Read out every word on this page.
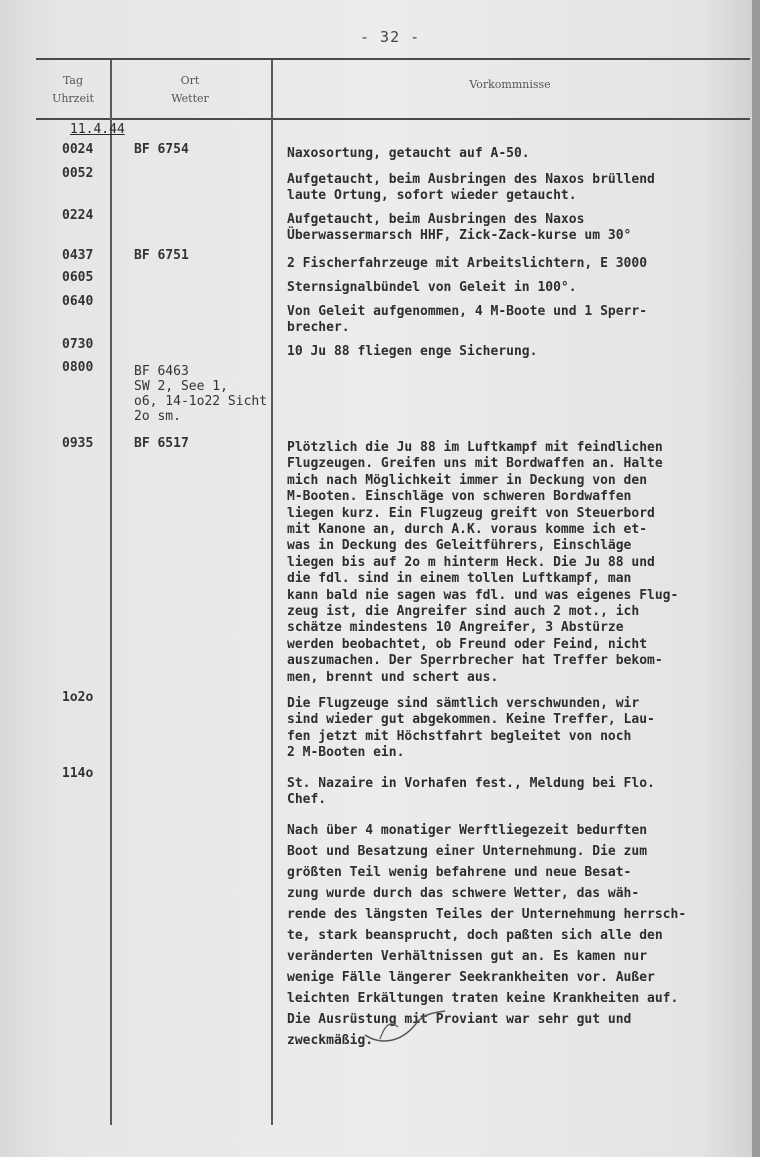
- 32 -
Tag
Uhrzeit
Ort
Wetter
Vorkommnisse
11.4.44
0024
0052
0224
0437
0605
0640
0730
0800
0935
1o2o
114o
BF 6754
BF 6751
BF 6463
SW 2, See 1,
o6, 14-1o22 Sicht
2o sm.
BF 6517
Naxosortung, getaucht auf A-50.
Aufgetaucht, beim Ausbringen des Naxos brüllend
laute Ortung, sofort wieder getaucht.
Aufgetaucht, beim Ausbringen des Naxos
Überwassermarsch HHF, Zick-Zack-kurse um 30°
2 Fischerfahrzeuge mit Arbeitslichtern, E 3000
Sternsignalbündel von Geleit in 100°.
Von Geleit aufgenommen, 4 M-Boote und 1 Sperr-
brecher.
10 Ju 88 fliegen enge Sicherung.
Plötzlich die Ju 88 im Luftkampf mit feindlichen
Flugzeugen. Greifen uns mit Bordwaffen an. Halte
mich nach Möglichkeit immer in Deckung von den
M-Booten. Einschläge von schweren Bordwaffen
liegen kurz. Ein Flugzeug greift von Steuerbord
mit Kanone an, durch A.K. voraus komme ich et-
was in Deckung des Geleitführers, Einschläge
liegen bis auf 2o m hinterm Heck. Die Ju 88 und
die fdl. sind in einem tollen Luftkampf, man
kann bald nie sagen was fdl. und was eigenes Flug-
zeug ist, die Angreifer sind auch 2 mot., ich
schätze mindestens 10 Angreifer, 3 Abstürze
werden beobachtet, ob Freund oder Feind, nicht
auszumachen. Der Sperrbrecher hat Treffer bekom-
men, brennt und schert aus.
Die Flugzeuge sind sämtlich verschwunden, wir
sind wieder gut abgekommen. Keine Treffer, Lau-
fen jetzt mit Höchstfahrt begleitet von noch
2 M-Booten ein.
St. Nazaire in Vorhafen fest., Meldung bei Flo.
Chef.
Nach über 4 monatiger Werftliegezeit bedurften
Boot und Besatzung einer Unternehmung. Die zum
größten Teil wenig befahrene und neue Besat-
zung wurde durch das schwere Wetter, das wäh-
rende des längsten Teiles der Unternehmung herrsch-
te, stark beansprucht, doch paßten sich alle den
veränderten Verhältnissen gut an. Es kamen nur
wenige Fälle längerer Seekrankheiten vor. Außer
leichten Erkältungen traten keine Krankheiten auf.
Die Ausrüstung mit Proviant war sehr gut und
zweckmäßig.
